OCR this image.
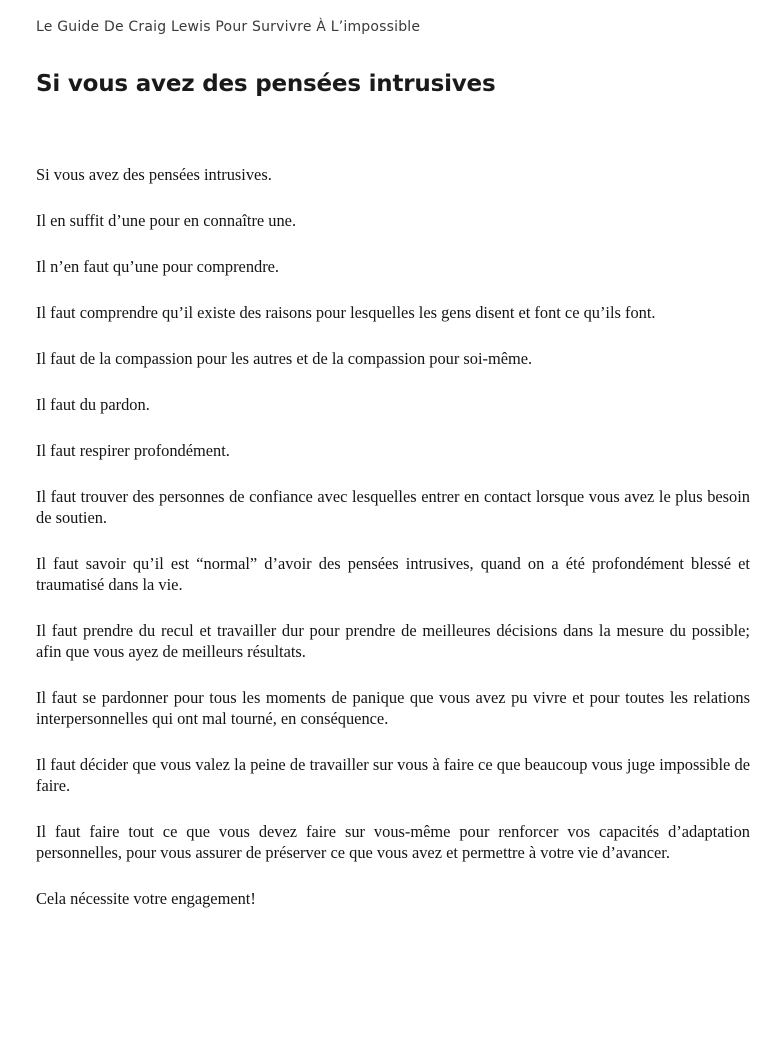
Le Guide De Craig Lewis Pour Survivre À L’impossible
Si vous avez des pensées intrusives

Si vous avez des pensées intrusives.

Il en suffit d’une pour en connaître une.

Il n’en faut qu’une pour comprendre.

Il faut comprendre qu’il existe des raisons pour lesquelles les gens disent et font ce qu’ils font.

Il faut de la compassion pour les autres et de la compassion pour soi-même.

Il faut du pardon.

Il faut respirer profondément.

Il faut trouver des personnes de confiance avec lesquelles entrer en contact lorsque vous avez le plus besoin de soutien.

Il faut savoir qu’il est “normal” d’avoir des pensées intrusives, quand on a été profondément blessé et traumatisé dans la vie.

Il faut prendre du recul et travailler dur pour prendre de meilleures décisions dans la mesure du possible; afin que vous ayez de meilleurs résultats.

Il faut se pardonner pour tous les moments de panique que vous avez pu vivre et pour toutes les relations interpersonnelles qui ont mal tourné, en conséquence.

Il faut décider que vous valez la peine de travailler sur vous à faire ce que beaucoup vous juge impossible de faire.

Il faut faire tout ce que vous devez faire sur vous-même pour renforcer vos capacités d’adaptation personnelles, pour vous assurer de préserver ce que vous avez et permettre à votre vie d’avancer.

Cela nécessite votre engagement!
